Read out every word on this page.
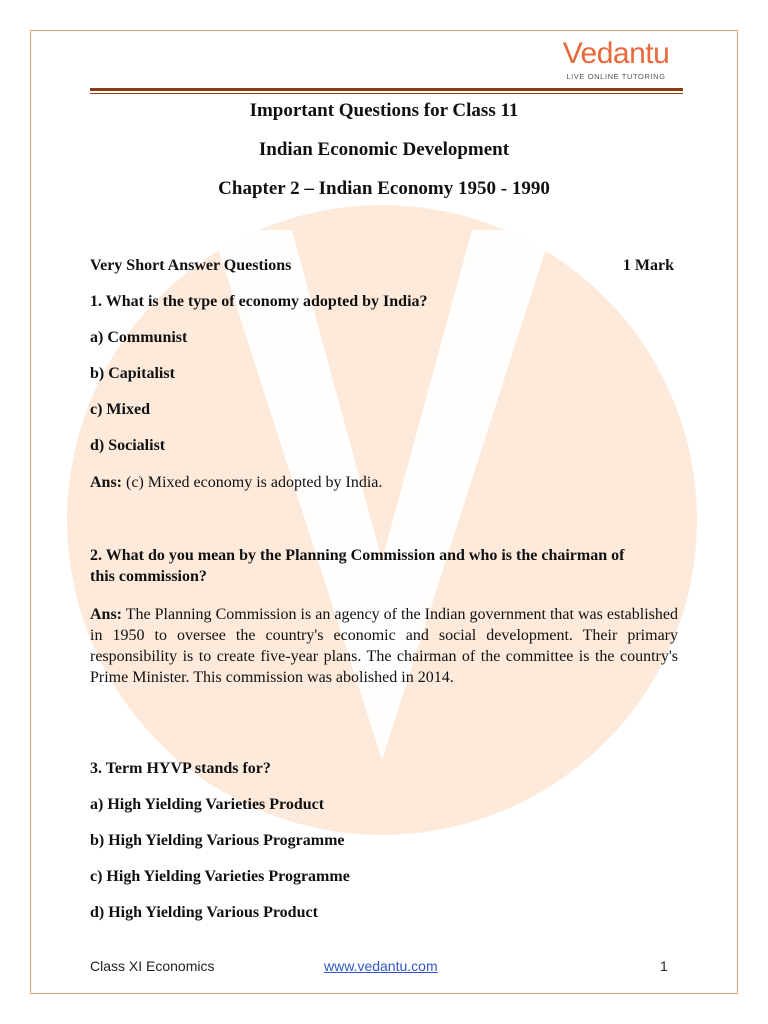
Vedantu
LIVE ONLINE TUTORING
Important Questions for Class 11
Indian Economic Development
Chapter 2 – Indian Economy 1950 - 1990
Very Short Answer Questions	1 Mark
1. What is the type of economy adopted by India?
a) Communist
b) Capitalist
c) Mixed
d) Socialist
Ans: (c) Mixed economy is adopted by India.
2. What do you mean by the Planning Commission and who is the chairman of
this commission?
Ans: The Planning Commission is an agency of the Indian government that was established in 1950 to oversee the country's economic and social development. Their primary responsibility is to create five-year plans. The chairman of the committee is the country's Prime Minister. This commission was abolished in 2014.
3. Term HYVP stands for?
a) High Yielding Varieties Product
b) High Yielding Various Programme
c) High Yielding Varieties Programme
d) High Yielding Various Product
Class XI Economics	www.vedantu.com	1
